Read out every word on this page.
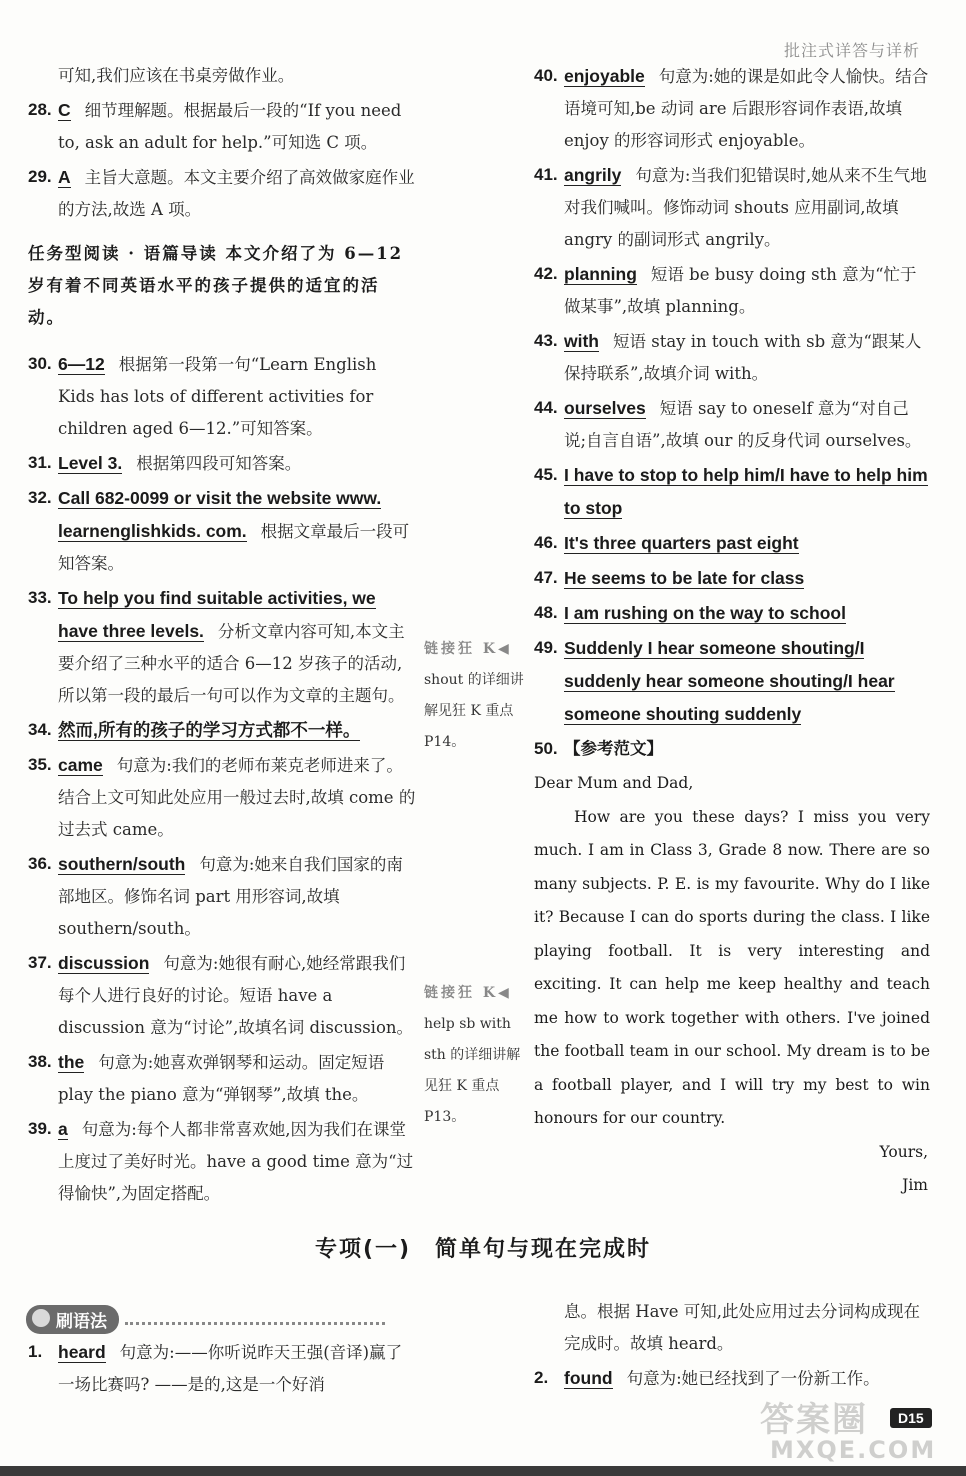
批注式详答与详析
可知,我们应该在书桌旁做作业。
28. C 细节理解题。根据最后一段的“If you need to, ask an adult for help.”可知选 C 项。
29. A 主旨大意题。本文主要介绍了高效做家庭作业的方法,故选 A 项。
任务型阅读 · 语篇导读 本文介绍了为 6—12 岁有着不同英语水平的孩子提供的适宜的活动。
30. 6—12 根据第一段第一句“Learn English Kids has lots of different activities for children aged 6—12.”可知答案。
31. Level 3. 根据第四段可知答案。
32. Call 682-0099 or visit the website www. learnenglishkids. com. 根据文章最后一段可知答案。
33. To help you find suitable activities, we have three levels. 分析文章内容可知,本文主要介绍了三种水平的适合 6—12 岁孩子的活动,所以第一段的最后一句可以作为文章的主题句。
34. 然而,所有的孩子的学习方式都不一样。
35. came 句意为:我们的老师布莱克老师进来了。结合上文可知此处应用一般过去时,故填 come 的过去式 came。
36. southern/south 句意为:她来自我们国家的南部地区。修饰名词 part 用形容词,故填 southern/south。
37. discussion 句意为:她很有耐心,她经常跟我们每个人进行良好的讨论。短语 have a discussion 意为“讨论”,故填名词 discussion。
38. the 句意为:她喜欢弹钢琴和运动。固定短语 play the piano 意为“弹钢琴”,故填 the。
39. a 句意为:每个人都非常喜欢她,因为我们在课堂上度过了美好时光。have a good time 意为“过得愉快”,为固定搭配。
链接狂 K◀
shout 的详细讲解见狂 K 重点 P14。
链接狂 K◀
help sb with sth 的详细讲解见狂 K 重点 P13。
40. enjoyable 句意为:她的课是如此令人愉快。结合语境可知,be 动词 are 后跟形容词作表语,故填 enjoy 的形容词形式 enjoyable。
41. angrily 句意为:当我们犯错误时,她从来不生气地对我们喊叫。修饰动词 shouts 应用副词,故填 angry 的副词形式 angrily。
42. planning 短语 be busy doing sth 意为“忙于做某事”,故填 planning。
43. with 短语 stay in touch with sb 意为“跟某人保持联系”,故填介词 with。
44. ourselves 短语 say to oneself 意为“对自己说;自言自语”,故填 our 的反身代词 ourselves。
45. I have to stop to help him/I have to help him to stop
46. It's three quarters past eight
47. He seems to be late for class
48. I am rushing on the way to school
49. Suddenly I hear someone shouting/I suddenly hear someone shouting/I hear someone shouting suddenly
50. 【参考范文】
Dear Mum and Dad,
How are you these days? I miss you very much. I am in Class 3, Grade 8 now. There are so many subjects. P. E. is my favourite. Why do I like it? Because I can do sports during the class. I like playing football. It is very interesting and exciting. It can help me keep healthy and teach me how to work together with others. I've joined the football team in our school. My dream is to be a football player, and I will try my best to win honours for our country.
Yours,
Jim
专项(一)　简单句与现在完成时
刷语法
1. heard 句意为:——你听说昨天王强(音译)赢了一场比赛吗? ——是的,这是一个好消
息。根据 Have 可知,此处应用过去分词构成现在完成时。故填 heard。
2. found 句意为:她已经找到了一份新工作。
答案圈
MXQE.COM
D15
